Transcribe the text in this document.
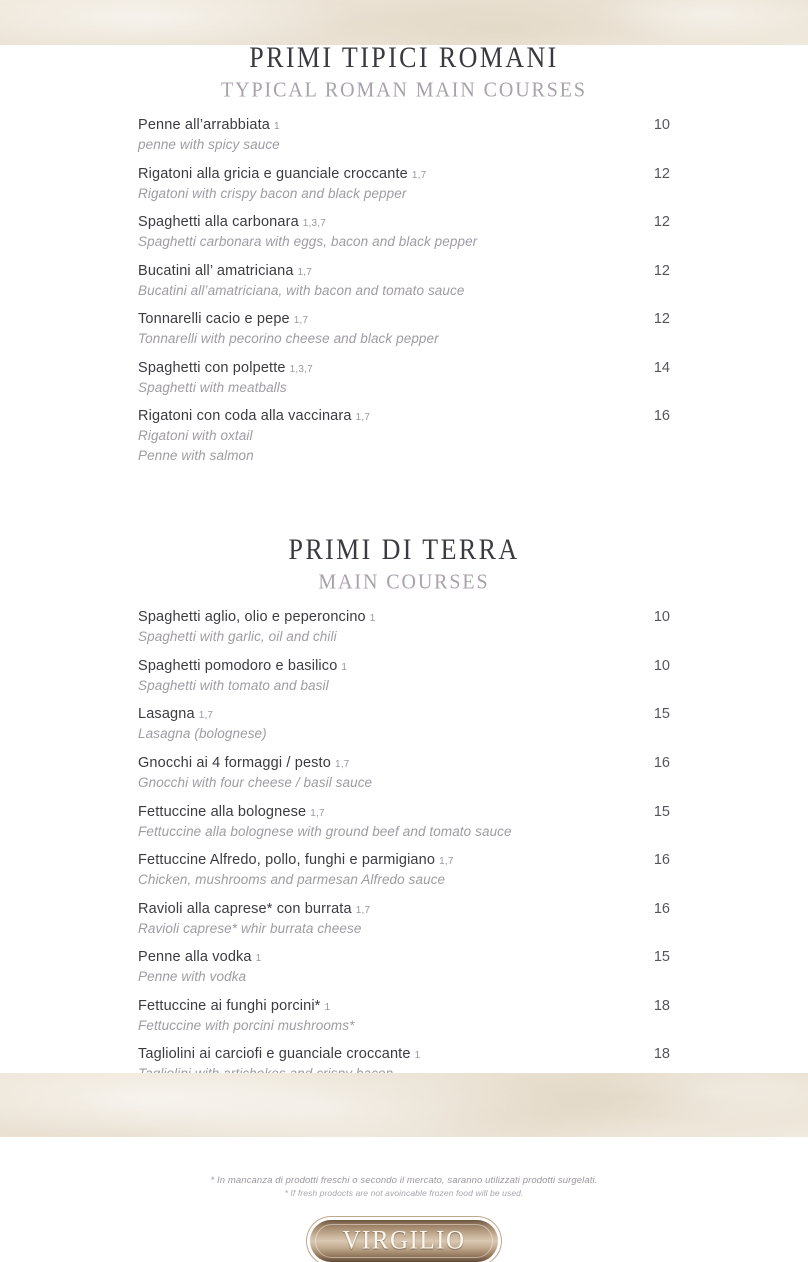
PRIMI TIPICI ROMANI
TYPICAL ROMAN MAIN COURSES
Penne all’arrabbiata 1	10
penne with spicy sauce
Rigatoni alla gricia e guanciale croccante 1,7	12
Rigatoni with crispy bacon and black pepper
Spaghetti alla carbonara 1,3,7	12
Spaghetti carbonara with eggs, bacon and black pepper
Bucatini all’ amatriciana 1,7	12
Bucatini all’amatriciana, with bacon and tomato sauce
Tonnarelli cacio e pepe 1,7	12
Tonnarelli with pecorino cheese and black pepper
Spaghetti con polpette 1,3,7	14
Spaghetti with meatballs
Rigatoni con coda alla vaccinara 1,7	16
Rigatoni with oxtail
Penne with salmon
PRIMI DI TERRA
MAIN COURSES
Spaghetti aglio, olio e peperoncino 1	10
Spaghetti with garlic, oil and chili
Spaghetti pomodoro e basilico 1	10
Spaghetti with tomato and basil
Lasagna 1,7	15
Lasagna (bolognese)
Gnocchi ai 4 formaggi / pesto 1,7	16
Gnocchi with four cheese / basil sauce
Fettuccine alla bolognese 1,7	15
Fettuccine alla bolognese with ground beef and tomato sauce
Fettuccine Alfredo, pollo, funghi e parmigiano 1,7	16
Chicken, mushrooms and parmesan Alfredo sauce
Ravioli alla caprese* con burrata 1,7	16
Ravioli caprese* whir burrata cheese
Penne alla vodka 1	15
Penne with vodka
Fettuccine ai funghi porcini* 1	18
Fettuccine with porcini mushrooms*
Tagliolini ai carciofi e guanciale croccante 1	18
* In mancanza di prodotti freschi o secondo il mercato, saranno utilizzati prodotti surgelati.
* If fresh prodocts are not avoincable frozen food will be used.
VIRGILIO
